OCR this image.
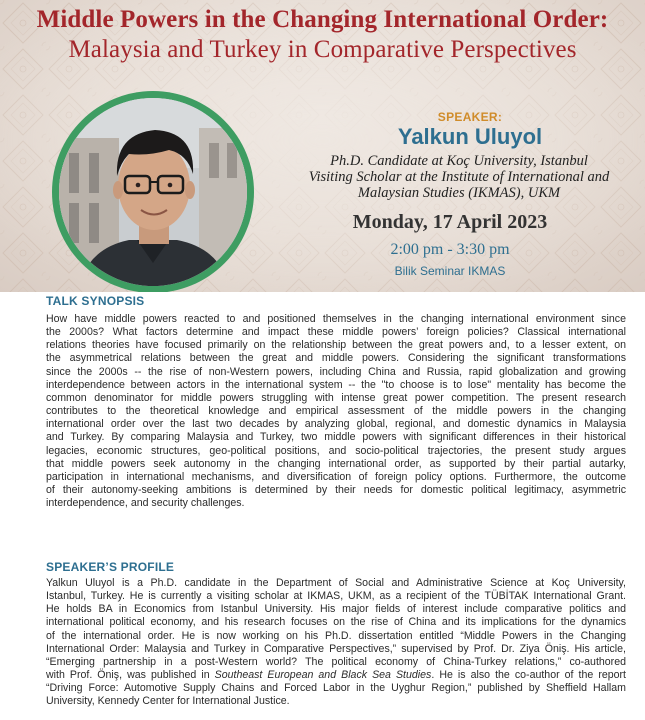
Middle Powers in the Changing International Order:
Malaysia and Turkey in Comparative Perspectives
SPEAKER:
Yalkun Uluyol
Ph.D. Candidate at Koç University, Istanbul
Visiting Scholar at the Institute of International and
Malaysian Studies (IKMAS), UKM
Monday, 17 April 2023
2:00 pm - 3:30 pm
Bilik Seminar IKMAS
TALK SYNOPSIS
How have middle powers reacted to and positioned themselves in the changing international environment since
the 2000s? What factors determine and impact these middle powers’ foreign policies? Classical international
relations theories have focused primarily on the relationship between the great powers and, to a lesser extent, on
the asymmetrical relations between the great and middle powers. Considering the significant transformations
since the 2000s -- the rise of non-Western powers, including China and Russia, rapid globalization and growing
interdependence between actors in the international system -- the "to choose is to lose" mentality has become the
common denominator for middle powers struggling with intense great power competition. The present research
contributes to the theoretical knowledge and empirical assessment of the middle powers in the changing
international order over the last two decades by analyzing global, regional, and domestic dynamics in Malaysia
and Turkey. By comparing Malaysia and Turkey, two middle powers with significant differences in their historical
legacies, economic structures, geo-political positions, and socio-political trajectories, the present study argues
that middle powers seek autonomy in the changing international order, as supported by their partial autarky,
participation in international mechanisms, and diversification of foreign policy options. Furthermore, the outcome
of their autonomy-seeking ambitions is determined by their needs for domestic political legitimacy, asymmetric
interdependence, and security challenges.
SPEAKER’S PROFILE
Yalkun Uluyol is a Ph.D. candidate in the Department of Social and Administrative Science at Koç University,
Istanbul, Turkey. He is currently a visiting scholar at IKMAS, UKM, as a recipient of the TÜBİTAK International Grant.
He holds BA in Economics from Istanbul University. His major fields of interest include comparative politics and
international political economy, and his research focuses on the rise of China and its implications for the dynamics
of the international order. He is now working on his Ph.D. dissertation entitled “Middle Powers in the Changing
International Order: Malaysia and Turkey in Comparative Perspectives,” supervised by Prof. Dr. Ziya Öniş. His article,
“Emerging partnership in a post-Western world? The political economy of China-Turkey relations,” co-authored
with Prof. Öniş, was published in Southeast European and Black Sea Studies. He is also the co-author of the report
“Driving Force: Automotive Supply Chains and Forced Labor in the Uyghur Region,” published by Sheffield Hallam
University, Kennedy Center for International Justice.
